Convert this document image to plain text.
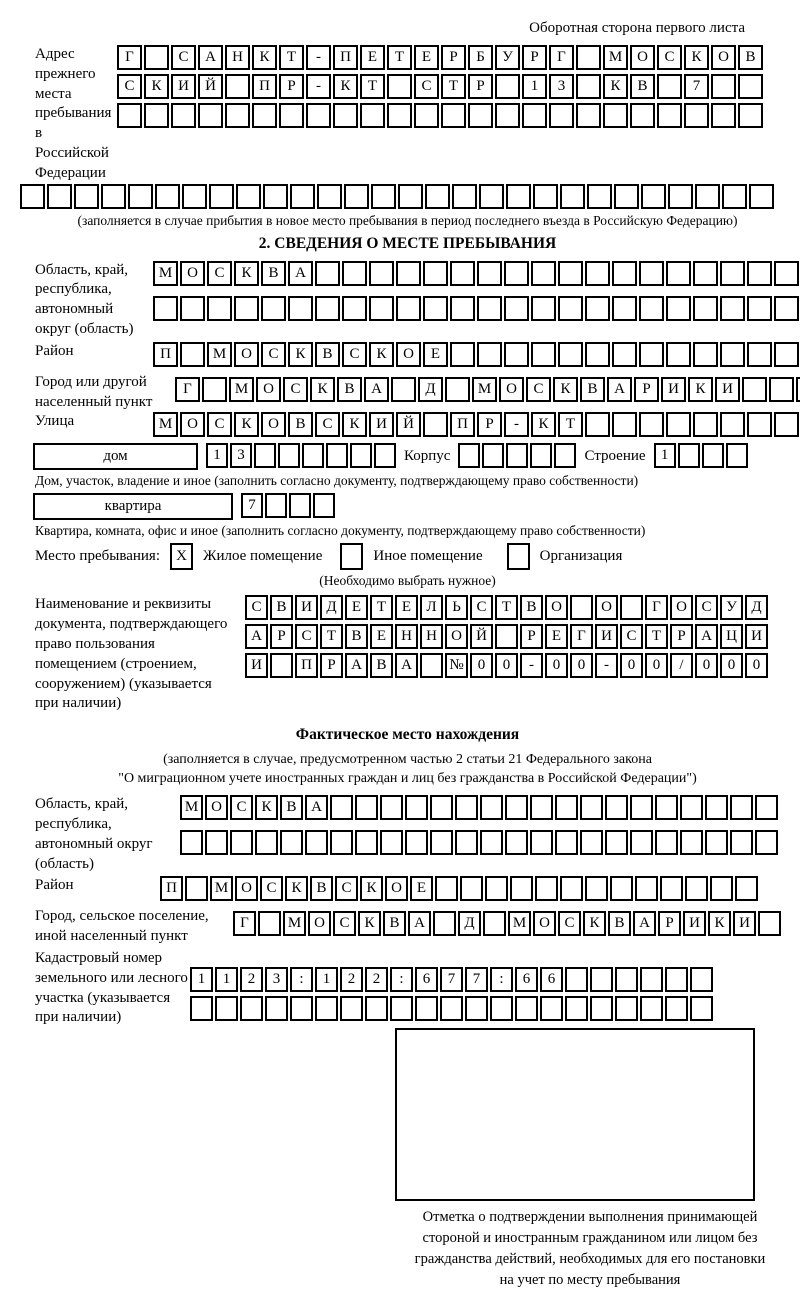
Оборотная сторона первого листа
Адрес прежнего
места пребывания
в Российской
Федерации
Г	С	А	Н	К	Т	-	П	Е	Т	Е	Р	Б	У	Р	Г	М О	С	К	О	В
С	К	И	Й	П	Р	-	К	Т	С	Т	Р	1	3	К	В	7
(заполняется в случае прибытия в новое место пребывания в период последнего въезда в Российскую Федерацию)
2. СВЕДЕНИЯ О МЕСТЕ ПРЕБЫВАНИЯ
Область, край,
республика,
автономный
округ (область)
М О	С	К	В	А
Район	П	М О	С	К	В	С	К	О	Е
Город или другой
населенный пункт
Г	М О	С	К	В	А	Д	М О	С	К	В	А	Р	И	К	И
Улица	М О	С	К	О	В	С	К	И	Й	П	Р	-	К	Т
дом	1	3	Корпус	Строение	1
Дом, участок, владение и иное (заполнить согласно документу, подтверждающему право собственности)
квартира	7
Квартира, комната, офис и иное (заполнить согласно документу, подтверждающему право собственности)
Место пребывания:	X	Жилое помещение	Иное помещение	Организация
(Необходимо выбрать нужное)
Наименование и реквизиты
документа, подтверждающего
право пользования
помещением (строением,
сооружением) (указывается
при наличии)
С В И Д	Е	Т	Е	Л	Ь	С	Т	В О	О	Г	О С У Д
А	Р	С	Т	В	Е	Н Н О Й	Р	Е	Г	И С	Т	Р	А Ц И
И	П	Р	А В А	№ 0	0	-	0	0	-	0	0	/	0	0	0
Фактическое место нахождения
(заполняется в случае, предусмотренном частью 2 статьи 21 Федерального закона
"О миграционном учете иностранных граждан и лиц без гражданства в Российской Федерации")
Область, край,
республика,
автономный округ
(область)
М О С К В А
Район	П	М О С К В С К О Е
Город, сельское поселение,
иной населенный пункт
Г	М О С К В А	Д	М О С К В А	Р	И К И
Кадастровый номер
земельного или лесного
участка (указывается
при наличии)
1	1	2	3	:	1	2	2	:	6	7	7	:	6	6
Отметка о подтверждении выполнения принимающей
стороной и иностранным гражданином или лицом без
гражданства действий, необходимых для его постановки
на учет по месту пребывания
